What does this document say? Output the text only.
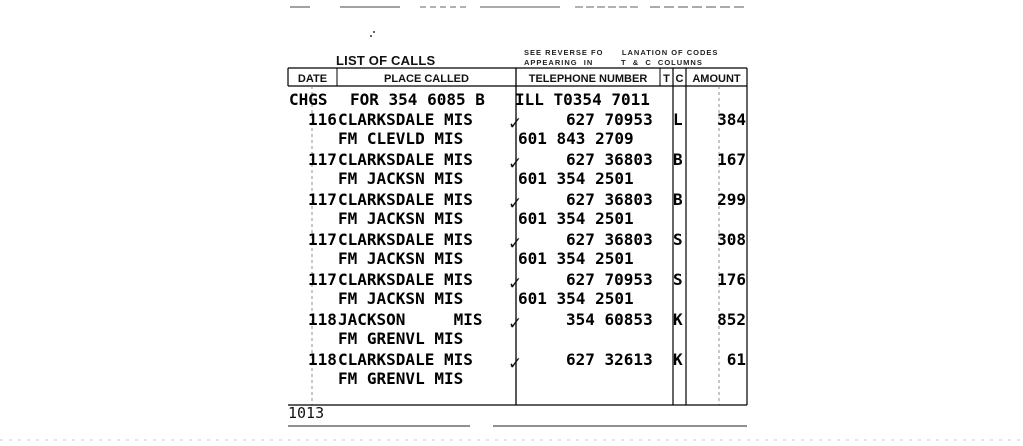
LIST OF CALLS
SEE REVERSE FO      LANATION OF CODES
APPEARING  IN         T  &  C  COLUMNS
DATE	PLACE CALLED	TELEPHONE NUMBER	T C AMOUNT
CHGS FOR 354 6085 B ILL T0354 7011
116 CLARKSDALE MIS	627 70953 L	384
FM CLEVLD MIS	601 843 2709
✓
117 CLARKSDALE MIS	627 36803 B	167
FM JACKSN MIS	601 354 2501
✓
117 CLARKSDALE MIS	627 36803 B	299
FM JACKSN MIS	601 354 2501
✓
117 CLARKSDALE MIS	627 36803 S	308
FM JACKSN MIS	601 354 2501
✓
117 CLARKSDALE MIS	627 70953 S	176
FM JACKSN MIS	601 354 2501
✓
118 JACKSON     MIS	354 60853 K	852
FM GRENVL MIS
✓
118 CLARKSDALE MIS	627 32613 K	61
FM GRENVL MIS
✓
1013
